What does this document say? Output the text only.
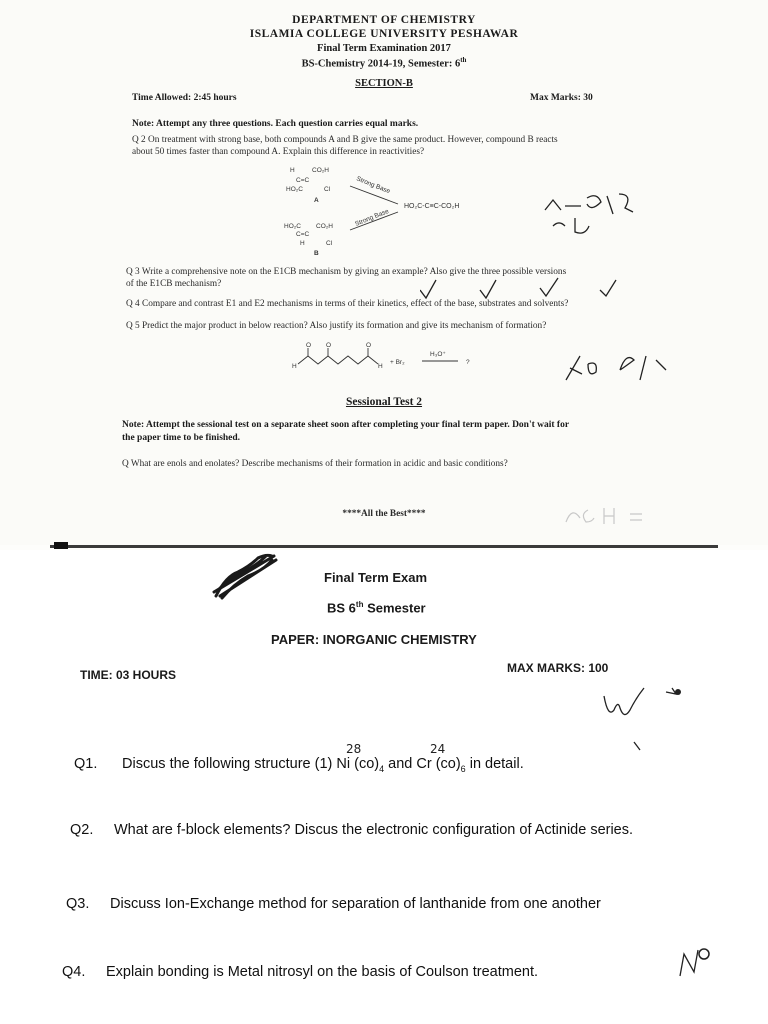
DEPARTMENT OF CHEMISTRY
ISLAMIA COLLEGE UNIVERSITY PESHAWAR
Final Term Examination 2017
BS-Chemistry 2014-19, Semester: 6th
SECTION-B
Time Allowed: 2:45 hours	Max Marks: 30
Note: Attempt any three questions. Each question carries equal marks.
Q 2 On treatment with strong base, both compounds A and B give the same product. However, compound B reacts
about 50 times faster than compound A. Explain this difference in reactivities?
H	CO₂H
C=C
HO₂C	Cl
A
Strong Base
HO₂C-C≡C-CO₂H
Strong Base
HO₂C CO₂H
C=C
H	Cl
B
Q 3 Write a comprehensive note on the E1CB mechanism by giving an example? Also give the three possible versions
of the E1CB mechanism?
Q 4 Compare and contrast E1 and E2 mechanisms in terms of their kinetics, effect of the base, substrates and solvents?
Q 5 Predict the major product in below reaction? Also justify its formation and give its mechanism of formation?
H
O O	O
H
+ Br₂
H₃O⁺
?
Sessional Test 2
Note: Attempt the sessional test on a separate sheet soon after completing your final term paper. Don't wait for
the paper time to be finished.
Q What are enols and enolates? Describe mechanisms of their formation in acidic and basic conditions?
****All the Best****
Final Term Exam
BS 6th Semester
PAPER: INORGANIC CHEMISTRY
TIME: 03 HOURS	MAX MARKS: 100
Q1. Discus the following structure (1) Ni $(co)_4$ and Cr $(co)_6$ in detail.
28	24
Q2. What are f-block elements? Discus the electronic configuration of Actinide series.
Q3. Discuss Ion-Exchange method for separation of lanthanide from one another
Q4. Explain bonding is Metal nitrosyl on the basis of Coulson treatment.
